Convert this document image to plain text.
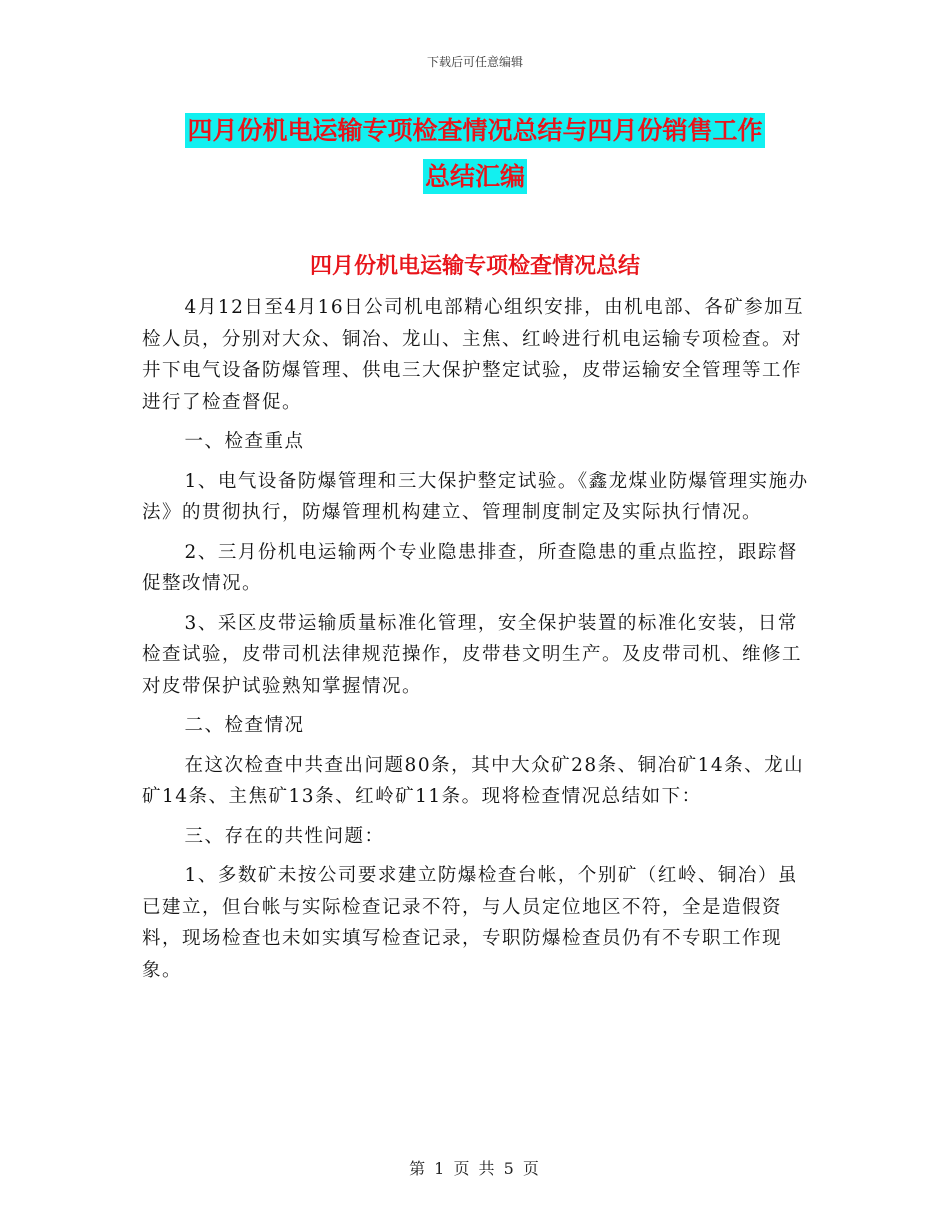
下载后可任意编辑
四月份机电运输专项检查情况总结与四月份销售工作
总结汇编
四月份机电运输专项检查情况总结

4月12日至4月16日公司机电部精心组织安排，由机电部、各矿参加互检人员，分别对大众、铜冶、龙山、主焦、红岭进行机电运输专项检查。对井下电气设备防爆管理、供电三大保护整定试验，皮带运输安全管理等工作进行了检查督促。

一、检查重点

1、电气设备防爆管理和三大保护整定试验。《鑫龙煤业防爆管理实施办法》的贯彻执行，防爆管理机构建立、管理制度制定及实际执行情况。

2、三月份机电运输两个专业隐患排查，所查隐患的重点监控，跟踪督促整改情况。

3、采区皮带运输质量标准化管理，安全保护装置的标准化安装，日常检查试验，皮带司机法律规范操作，皮带巷文明生产。及皮带司机、维修工对皮带保护试验熟知掌握情况。

二、检查情况

在这次检查中共查出问题80条，其中大众矿28条、铜冶矿14条、龙山矿14条、主焦矿13条、红岭矿11条。现将检查情况总结如下：

三、存在的共性问题：

1、多数矿未按公司要求建立防爆检查台帐，个别矿（红岭、铜冶）虽已建立，但台帐与实际检查记录不符，与人员定位地区不符，全是造假资料，现场检查也未如实填写检查记录，专职防爆检查员仍有不专职工作现象。

第 1 页 共 5 页
